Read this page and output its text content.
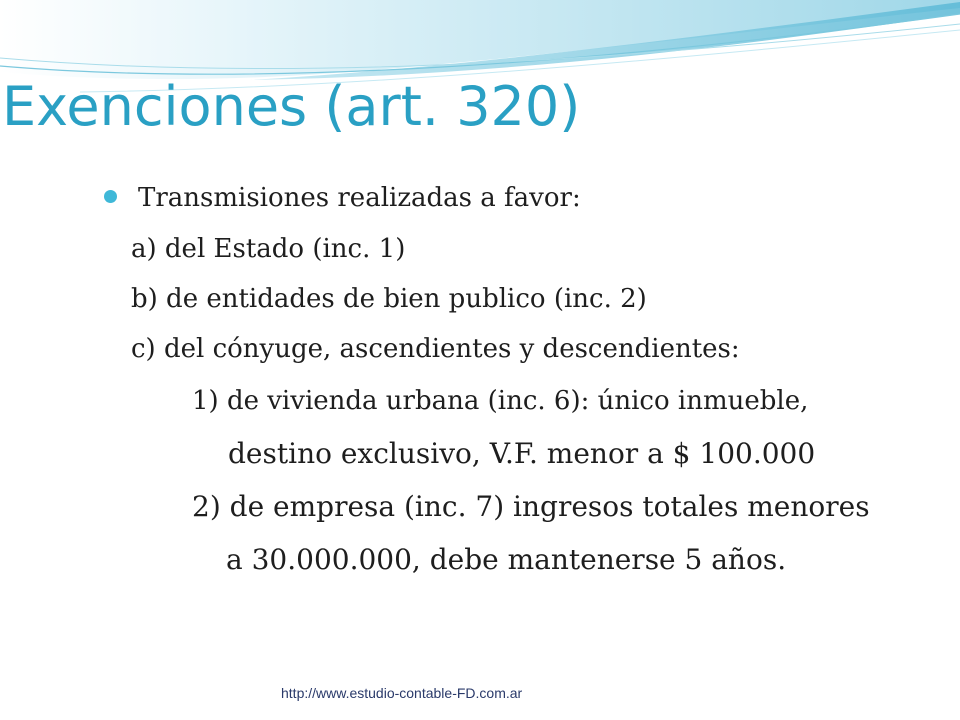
Exenciones (art. 320)

Transmisiones realizadas a favor:

a) del Estado (inc. 1)

b) de entidades de bien publico (inc. 2)

c) del cónyuge, ascendientes y descendientes:

1) de vivienda urbana (inc. 6): único inmueble,

destino exclusivo, V.F. menor a $ 100.000

2) de empresa (inc. 7) ingresos totales menores

a 30.000.000, debe mantenerse 5 años.

http://www.estudio-contable-FD.com.ar
